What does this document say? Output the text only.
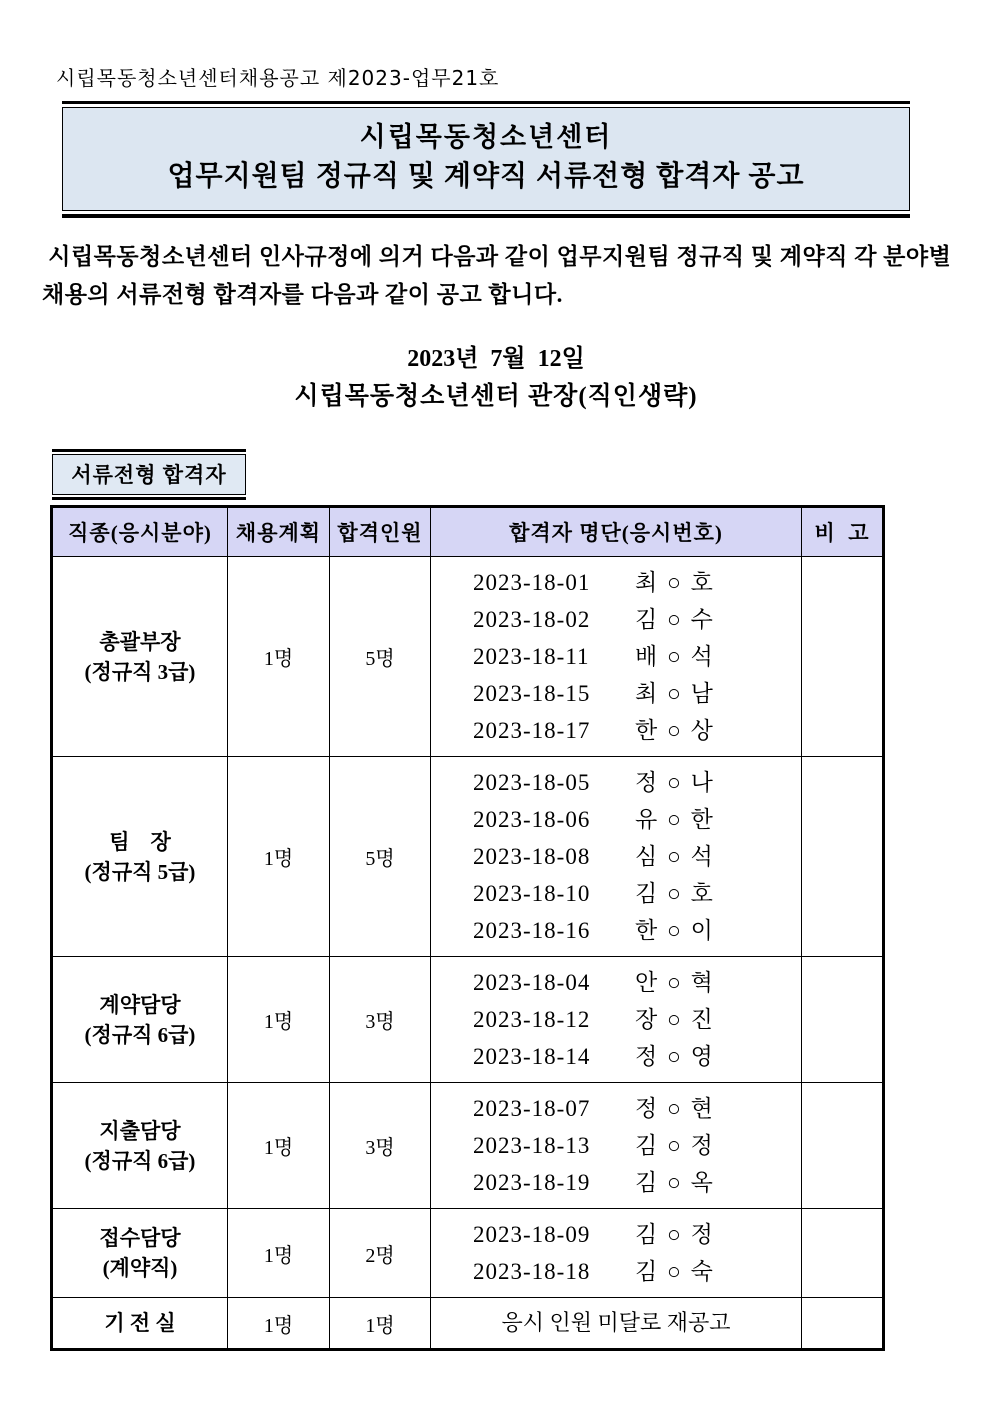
시립목동청소년센터채용공고 제2023-업무21호
시립목동청소년센터
업무지원팀 정규직 및 계약직 서류전형 합격자 공고
시립목동청소년센터 인사규정에 의거 다음과 같이 업무지원팀 정규직 및 계약직 각 분야별
채용의 서류전형 합격자를 다음과 같이 공고 합니다.
2023년  7월  12일
시립목동청소년센터 관장(직인생략)
서류전형 합격자
직종(응시분야)	채용계획	합격인원	합격자 명단(응시번호)	비  고

총괄부장
(정규직 3급)
	1명	5명	
2023-18-01	최 ○ 호
2023-18-02	김 ○ 수
2023-18-11	배 ○ 석
2023-18-15	최 ○ 남
2023-18-17	한 ○ 상

팀    장
(정규직 5급)
	1명	5명	
2023-18-05	정 ○ 나
2023-18-06	유 ○ 한
2023-18-08	심 ○ 석
2023-18-10	김 ○ 호
2023-18-16	한 ○ 이

계약담당
(정규직 6급)
	1명	3명	
2023-18-04	안 ○ 혁
2023-18-12	장 ○ 진
2023-18-14	정 ○ 영

지출담당
(정규직 6급)
	1명	3명	
2023-18-07	정 ○ 현
2023-18-13	김 ○ 정
2023-18-19	김 ○ 옥

접수담당
(계약직)
	1명	2명	
2023-18-09	김 ○ 정
2023-18-18	김 ○ 숙

기 전 실	1명	1명	응시 인원 미달로 재공고	
